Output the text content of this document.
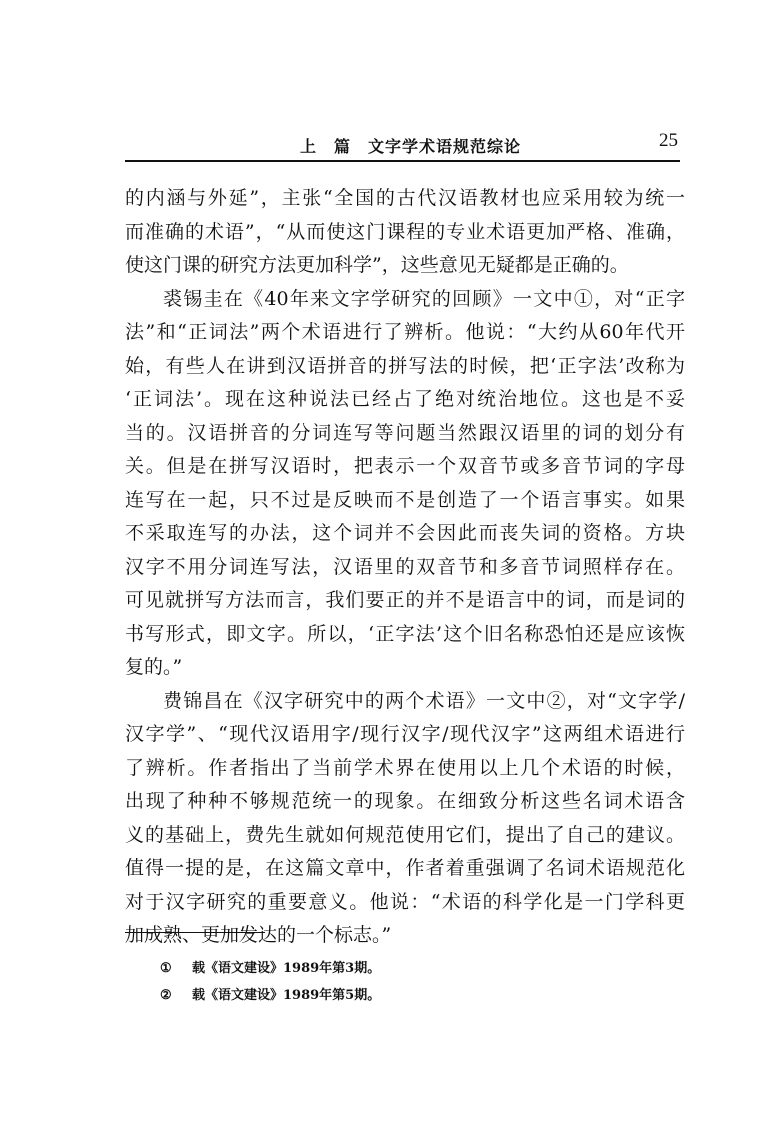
上　篇　文字学术语规范综论	25
的内涵与外延”，主张“全国的古代汉语教材也应采用较为统一
而准确的术语”，“从而使这门课程的专业术语更加严格、准确，
使这门课的研究方法更加科学”，这些意见无疑都是正确的。
裘锡圭在《40年来文字学研究的回顾》一文中①，对“正字
法”和“正词法”两个术语进行了辨析。他说：“大约从60年代开
始，有些人在讲到汉语拼音的拼写法的时候，把‘正字法’改称为
‘正词法’。现在这种说法已经占了绝对统治地位。这也是不妥
当的。汉语拼音的分词连写等问题当然跟汉语里的词的划分有
关。但是在拼写汉语时，把表示一个双音节或多音节词的字母
连写在一起，只不过是反映而不是创造了一个语言事实。如果
不采取连写的办法，这个词并不会因此而丧失词的资格。方块
汉字不用分词连写法，汉语里的双音节和多音节词照样存在。
可见就拼写方法而言，我们要正的并不是语言中的词，而是词的
书写形式，即文字。所以，‘正字法’这个旧名称恐怕还是应该恢
复的。”
费锦昌在《汉字研究中的两个术语》一文中②，对“文字学/
汉字学”、“现代汉语用字/现行汉字/现代汉字”这两组术语进行
了辨析。作者指出了当前学术界在使用以上几个术语的时候，
出现了种种不够规范统一的现象。在细致分析这些名词术语含
义的基础上，费先生就如何规范使用它们，提出了自己的建议。
值得一提的是，在这篇文章中，作者着重强调了名词术语规范化
对于汉字研究的重要意义。他说：“术语的科学化是一门学科更
加成熟、更加发达的一个标志。”
① 载《语文建设》1989年第3期。
② 载《语文建设》1989年第5期。
